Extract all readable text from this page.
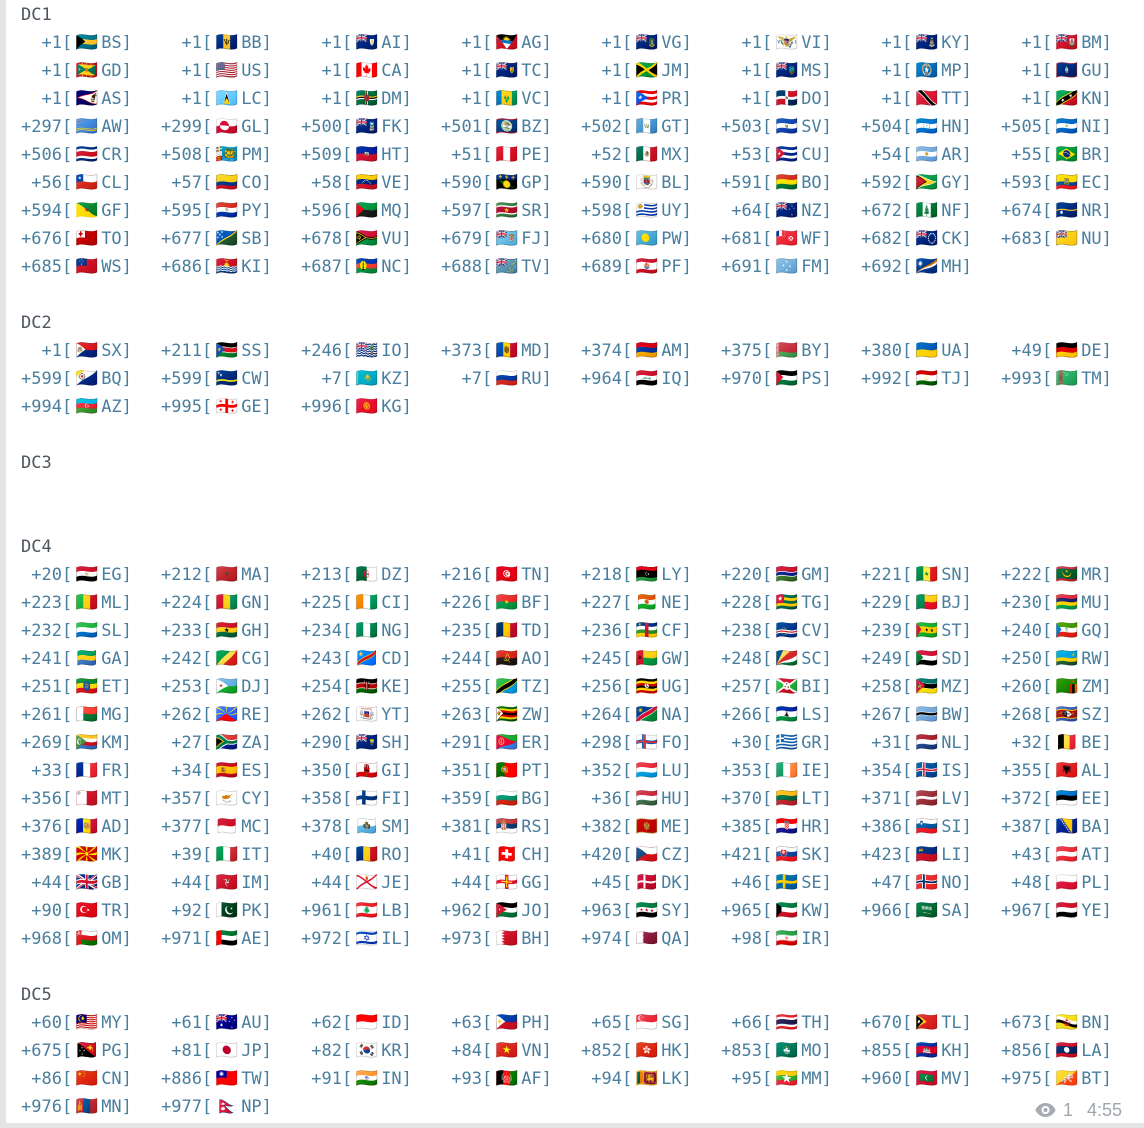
DC1
+1[ 🇧🇸 BS]	+1[ 🇧🇧 BB]	+1[ 🇦🇮 AI]	+1[ 🇦🇬 AG]	+1[ 🇻🇬 VG]	+1[ 🇻🇮 VI]	+1[ 🇰🇾 KY]	+1[ 🇧🇲 BM]
+1[ 🇬🇩 GD]	+1[ 🇺🇸 US]	+1[ 🇨🇦 CA]	+1[ 🇹🇨 TC]	+1[ 🇯🇲 JM]	+1[ 🇲🇸 MS]	+1[ 🇲🇵 MP]	+1[ 🇬🇺 GU]
+1[ 🇦🇸 AS]	+1[ 🇱🇨 LC]	+1[ 🇩🇲 DM]	+1[ 🇻🇨 VC]	+1[ 🇵🇷 PR]	+1[ 🇩🇴 DO]	+1[ 🇹🇹 TT]	+1[ 🇰🇳 KN]
+297[ 🇦🇼 AW] +299[ 🇬🇱 GL] +500[ 🇫🇰 FK] +501[ 🇧🇿 BZ] +502[ 🇬🇹 GT] +503[ 🇸🇻 SV] +504[ 🇭🇳 HN] +505[ 🇳🇮 NI]
+506[ 🇨🇷 CR] +508[ 🇵🇲 PM] +509[ 🇭🇹 HT] +51[ 🇵🇪 PE] +52[ 🇲🇽 MX] +53[ 🇨🇺 CU] +54[ 🇦🇷 AR] +55[ 🇧🇷 BR]
+56[ 🇨🇱 CL] +57[ 🇨🇴 CO] +58[ 🇻🇪 VE] +590[ 🇬🇵 GP] +590[ 🇧🇱 BL] +591[ 🇧🇴 BO] +592[ 🇬🇾 GY] +593[ 🇪🇨 EC]
+594[ 🇬🇫 GF] +595[ 🇵🇾 PY] +596[ 🇲🇶 MQ] +597[ 🇸🇷 SR] +598[ 🇺🇾 UY] +64[ 🇳🇿 NZ] +672[ 🇳🇫 NF] +674[ 🇳🇷 NR]
+676[ 🇹🇴 TO] +677[ 🇸🇧 SB] +678[ 🇻🇺 VU] +679[ 🇫🇯 FJ] +680[ 🇵🇼 PW] +681[ 🇼🇫 WF] +682[ 🇨🇰 CK] +683[ 🇳🇺 NU]
+685[ 🇼🇸 WS] +686[ 🇰🇮 KI] +687[ 🇳🇨 NC] +688[ 🇹🇻 TV] +689[ 🇵🇫 PF] +691[ 🇫🇲 FM] +692[ 🇲🇭 MH]
DC2
+1[ 🇸🇽 SX] +211[ 🇸🇸 SS] +246[ 🇮🇴 IO] +373[ 🇲🇩 MD] +374[ 🇦🇲 AM] +375[ 🇧🇾 BY] +380[ 🇺🇦 UA] +49[ 🇩🇪 DE]
+599[ 🇧🇶 BQ] +599[ 🇨🇼 CW]	+7[ 🇰🇿 KZ]	+7[ 🇷🇺 RU] +964[ 🇮🇶 IQ] +970[ 🇵🇸 PS] +992[ 🇹🇯 TJ] +993[ 🇹🇲 TM]
+994[ 🇦🇿 AZ] +995[ 🇬🇪 GE] +996[ 🇰🇬 KG]
DC3
DC4
+20[ 🇪🇬 EG] +212[ 🇲🇦 MA] +213[ 🇩🇿 DZ] +216[ 🇹🇳 TN] +218[ 🇱🇾 LY] +220[ 🇬🇲 GM] +221[ 🇸🇳 SN] +222[ 🇲🇷 MR]
+223[ 🇲🇱 ML] +224[ 🇬🇳 GN] +225[ 🇨🇮 CI] +226[ 🇧🇫 BF] +227[ 🇳🇪 NE] +228[ 🇹🇬 TG] +229[ 🇧🇯 BJ] +230[ 🇲🇺 MU]
+232[ 🇸🇱 SL] +233[ 🇬🇭 GH] +234[ 🇳🇬 NG] +235[ 🇹🇩 TD] +236[ 🇨🇫 CF] +238[ 🇨🇻 CV] +239[ 🇸🇹 ST] +240[ 🇬🇶 GQ]
+241[ 🇬🇦 GA] +242[ 🇨🇬 CG] +243[ 🇨🇩 CD] +244[ 🇦🇴 AO] +245[ 🇬🇼 GW] +248[ 🇸🇨 SC] +249[ 🇸🇩 SD] +250[ 🇷🇼 RW]
+251[ 🇪🇹 ET] +253[ 🇩🇯 DJ] +254[ 🇰🇪 KE] +255[ 🇹🇿 TZ] +256[ 🇺🇬 UG] +257[ 🇧🇮 BI] +258[ 🇲🇿 MZ] +260[ 🇿🇲 ZM]
+261[ 🇲🇬 MG] +262[ 🇷🇪 RE] +262[ 🇾🇹 YT] +263[ 🇿🇼 ZW] +264[ 🇳🇦 NA] +266[ 🇱🇸 LS] +267[ 🇧🇼 BW] +268[ 🇸🇿 SZ]
+269[ 🇰🇲 KM] +27[ 🇿🇦 ZA] +290[ 🇸🇭 SH] +291[ 🇪🇷 ER] +298[ 🇫🇴 FO] +30[ 🇬🇷 GR] +31[ 🇳🇱 NL] +32[ 🇧🇪 BE]
+33[ 🇫🇷 FR] +34[ 🇪🇸 ES] +350[ 🇬🇮 GI] +351[ 🇵🇹 PT] +352[ 🇱🇺 LU] +353[ 🇮🇪 IE] +354[ 🇮🇸 IS] +355[ 🇦🇱 AL]
+356[ 🇲🇹 MT] +357[ 🇨🇾 CY] +358[ 🇫🇮 FI] +359[ 🇧🇬 BG] +36[ 🇭🇺 HU] +370[ 🇱🇹 LT] +371[ 🇱🇻 LV] +372[ 🇪🇪 EE]
+376[ 🇦🇩 AD] +377[ 🇲🇨 MC] +378[ 🇸🇲 SM] +381[ 🇷🇸 RS] +382[ 🇲🇪 ME] +385[ 🇭🇷 HR] +386[ 🇸🇮 SI] +387[ 🇧🇦 BA]
+389[ 🇲🇰 MK] +39[ 🇮🇹 IT] +40[ 🇷🇴 RO] +41[ 🇨🇭 CH] +420[ 🇨🇿 CZ] +421[ 🇸🇰 SK] +423[ 🇱🇮 LI] +43[ 🇦🇹 AT]
+44[ 🇬🇧 GB] +44[ 🇮🇲 IM] +44[ 🇯🇪 JE] +44[ 🇬🇬 GG] +45[ 🇩🇰 DK] +46[ 🇸🇪 SE] +47[ 🇳🇴 NO] +48[ 🇵🇱 PL]
+90[ 🇹🇷 TR] +92[ 🇵🇰 PK] +961[ 🇱🇧 LB] +962[ 🇯🇴 JO] +963[ 🇸🇾 SY] +965[ 🇰🇼 KW] +966[ 🇸🇦 SA] +967[ 🇾🇪 YE]
+968[ 🇴🇲 OM] +971[ 🇦🇪 AE] +972[ 🇮🇱 IL] +973[ 🇧🇭 BH] +974[ 🇶🇦 QA] +98[ 🇮🇷 IR]
DC5
+60[ 🇲🇾 MY] +61[ 🇦🇺 AU] +62[ 🇮🇩 ID] +63[ 🇵🇭 PH] +65[ 🇸🇬 SG] +66[ 🇹🇭 TH] +670[ 🇹🇱 TL] +673[ 🇧🇳 BN]
+675[ 🇵🇬 PG] +81[ 🇯🇵 JP] +82[ 🇰🇷 KR] +84[ 🇻🇳 VN] +852[ 🇭🇰 HK] +853[ 🇲🇴 MO] +855[ 🇰🇭 KH] +856[ 🇱🇦 LA]
+86[ 🇨🇳 CN] +886[ 🇹🇼 TW] +91[ 🇮🇳 IN] +93[ 🇦🇫 AF] +94[ 🇱🇰 LK] +95[ 🇲🇲 MM] +960[ 🇲🇻 MV] +975[ 🇧🇹 BT]
+976[ 🇲🇳 MN] +977[ 🇳🇵 NP]	1 4:55
